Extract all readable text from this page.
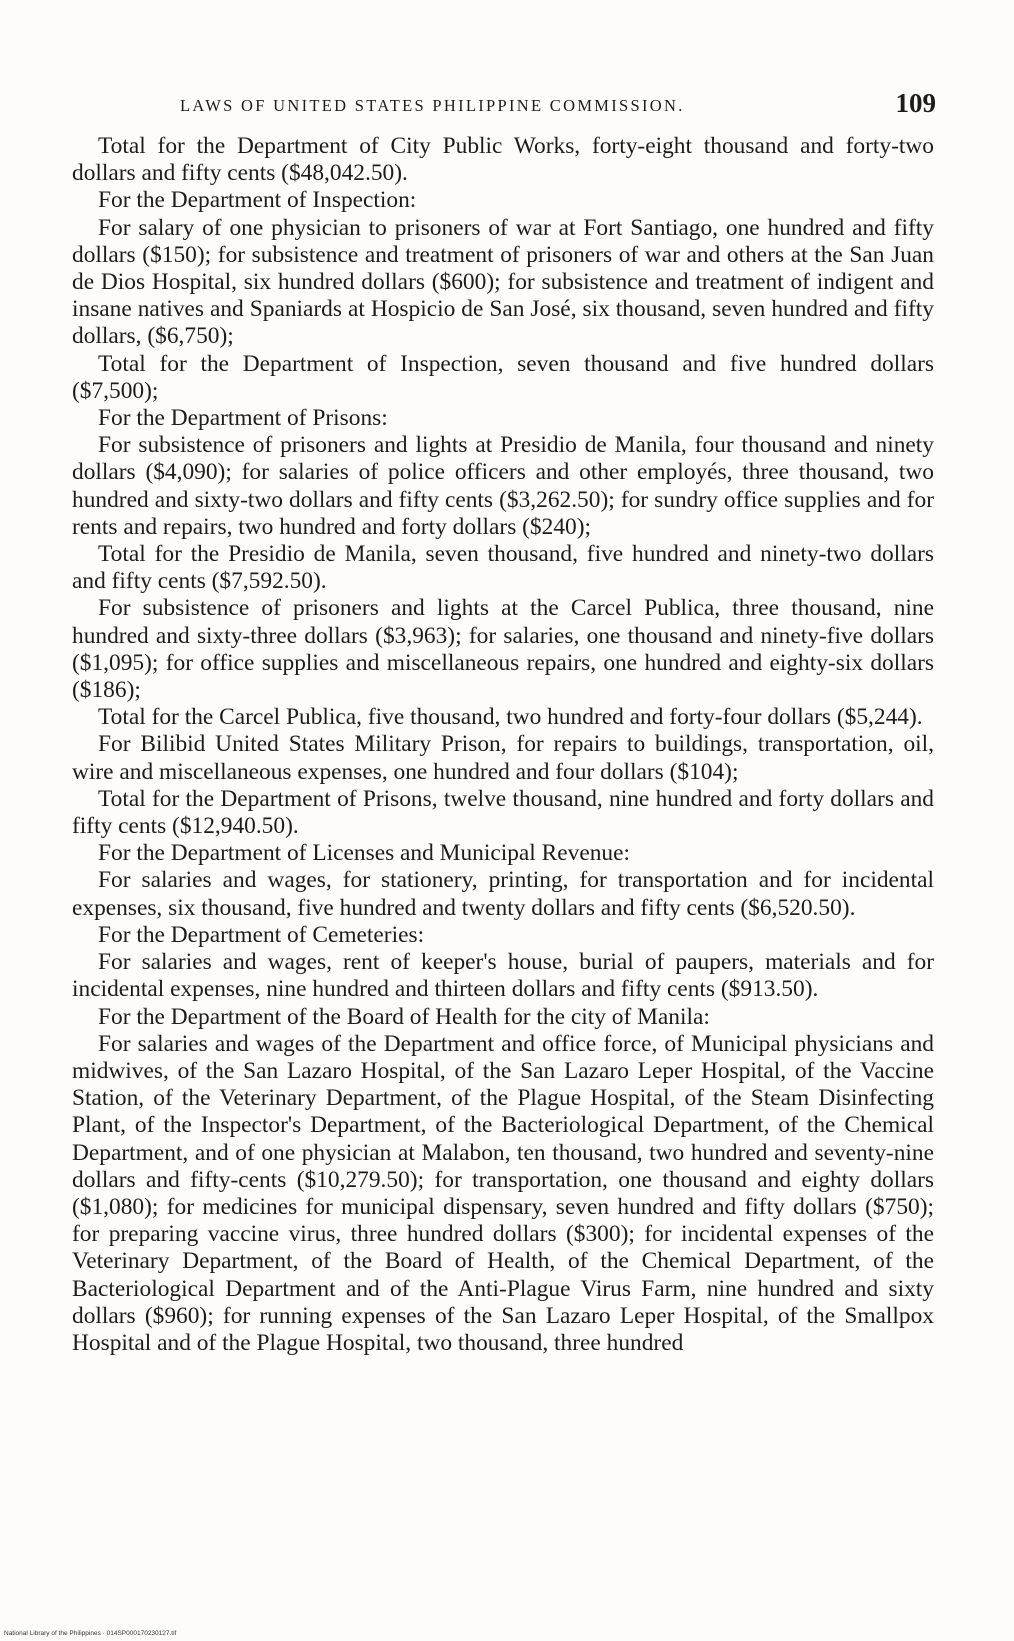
LAWS OF UNITED STATES PHILIPPINE COMMISSION.	109

Total for the Department of City Public Works, forty-eight thousand and forty-two dollars and fifty cents ($48,042.50).

For the Department of Inspection:

For salary of one physician to prisoners of war at Fort Santiago, one hundred and fifty dollars ($150); for subsistence and treatment of prisoners of war and others at the San Juan de Dios Hospital, six hundred dollars ($600); for subsistence and treatment of indigent and insane natives and Spaniards at Hospicio de San José, six thousand, seven hundred and fifty dollars, ($6,750);

Total for the Department of Inspection, seven thousand and five hundred dollars ($7,500);

For the Department of Prisons:

For subsistence of prisoners and lights at Presidio de Manila, four thousand and ninety dollars ($4,090); for salaries of police officers and other employés, three thousand, two hundred and sixty-two dollars and fifty cents ($3,262.50); for sundry office supplies and for rents and repairs, two hundred and forty dollars ($240);

Total for the Presidio de Manila, seven thousand, five hundred and ninety-two dollars and fifty cents ($7,592.50).

For subsistence of prisoners and lights at the Carcel Publica, three thousand, nine hundred and sixty-three dollars ($3,963); for salaries, one thousand and ninety-five dollars ($1,095); for office supplies and miscellaneous repairs, one hundred and eighty-six dollars ($186);

Total for the Carcel Publica, five thousand, two hundred and forty-four dollars ($5,244).

For Bilibid United States Military Prison, for repairs to buildings, transportation, oil, wire and miscellaneous expenses, one hundred and four dollars ($104);

Total for the Department of Prisons, twelve thousand, nine hundred and forty dollars and fifty cents ($12,940.50).

For the Department of Licenses and Municipal Revenue:

For salaries and wages, for stationery, printing, for transportation and for incidental expenses, six thousand, five hundred and twenty dollars and fifty cents ($6,520.50).

For the Department of Cemeteries:

For salaries and wages, rent of keeper's house, burial of paupers, materials and for incidental expenses, nine hundred and thirteen dollars and fifty cents ($913.50).

For the Department of the Board of Health for the city of Manila:

For salaries and wages of the Department and office force, of Municipal physicians and midwives, of the San Lazaro Hospital, of the San Lazaro Leper Hospital, of the Vaccine Station, of the Veterinary Department, of the Plague Hospital, of the Steam Disinfecting Plant, of the Inspector's Department, of the Bacteriological Department, of the Chemical Department, and of one physician at Malabon, ten thousand, two hundred and seventy-nine dollars and fifty-cents ($10,279.50); for transportation, one thousand and eighty dollars ($1,080); for medicines for municipal dispensary, seven hundred and fifty dollars ($750); for preparing vaccine virus, three hundred dollars ($300); for incidental expenses of the Veterinary Department, of the Board of Health, of the Chemical Department, of the Bacteriological Department and of the Anti-Plague Virus Farm, nine hundred and sixty dollars ($960); for running expenses of the San Lazaro Leper Hospital, of the Smallpox Hospital and of the Plague Hospital, two thousand, three hundred

National Library of the Philippines · 014SP000170230127.tif
